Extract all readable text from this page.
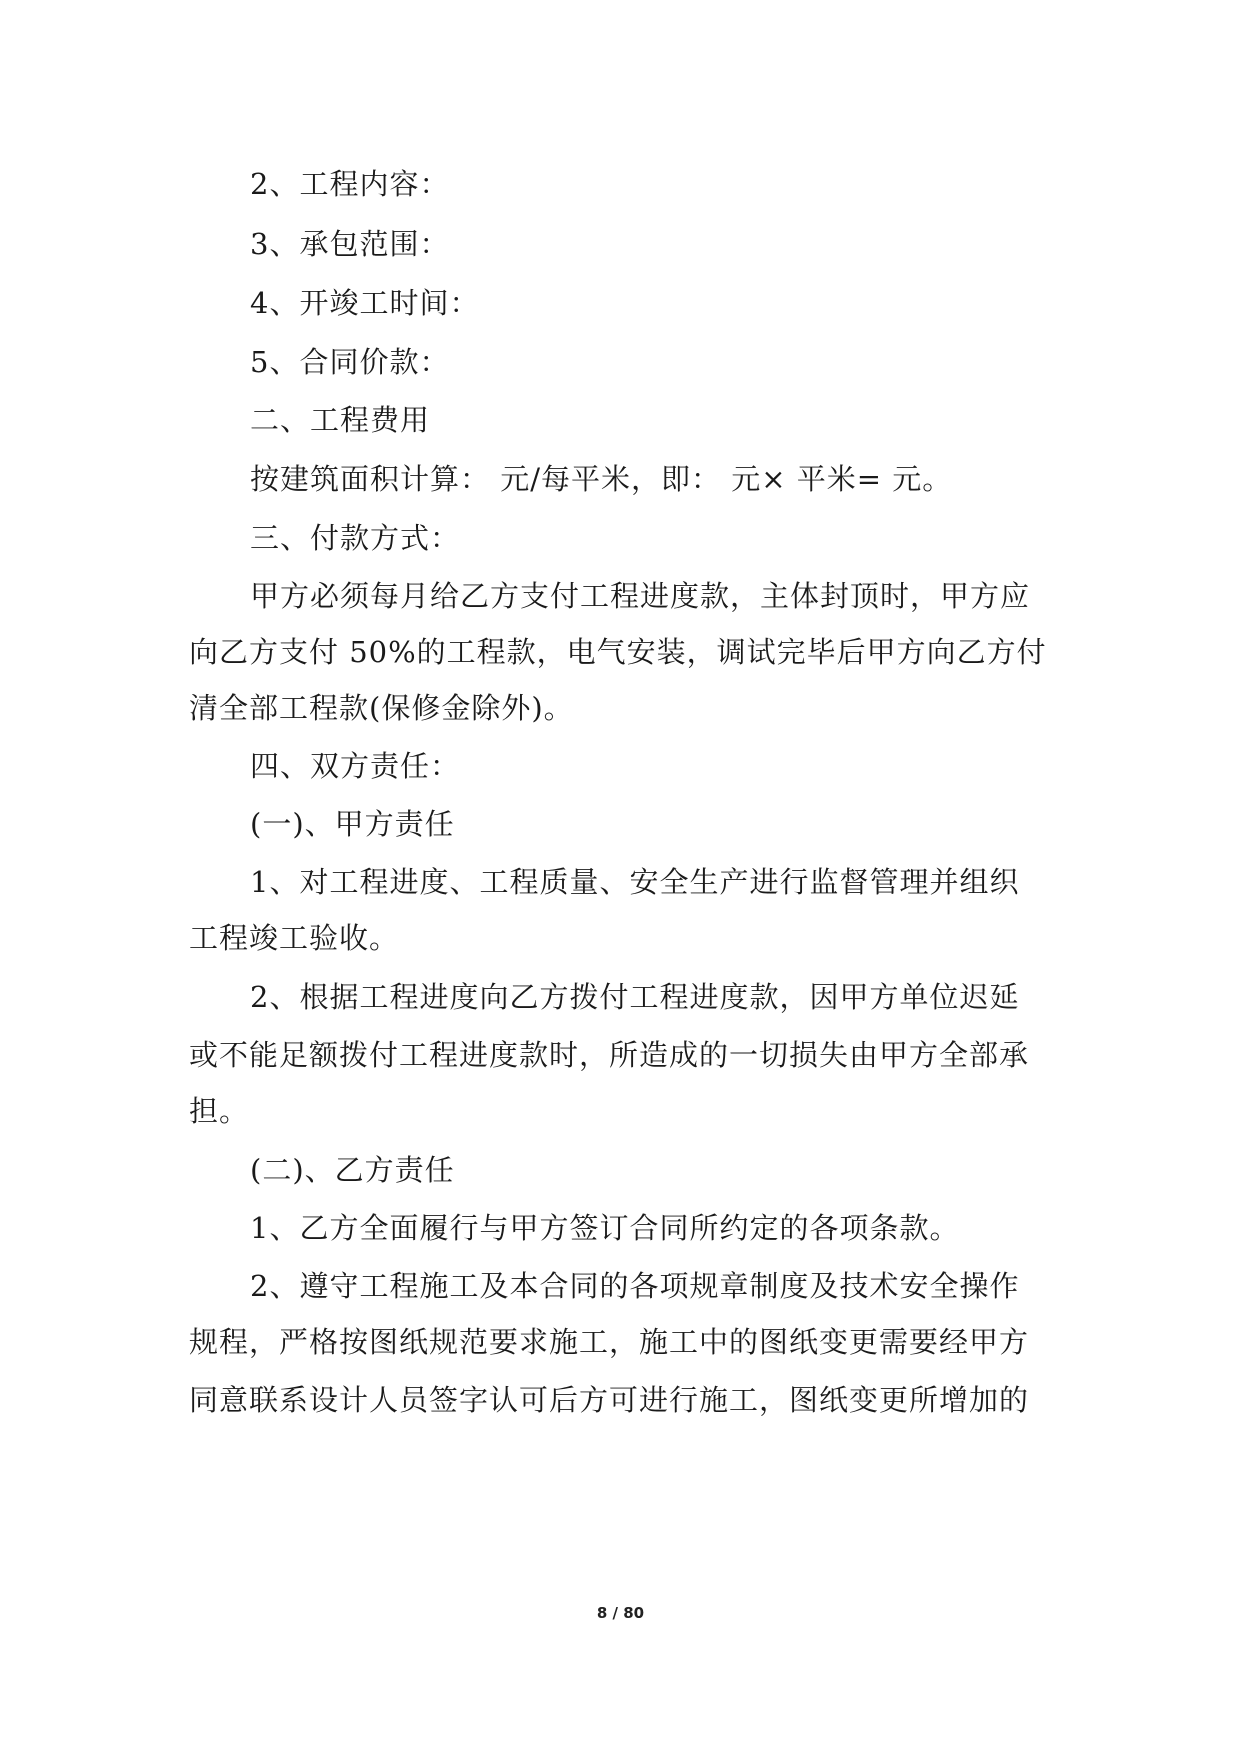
2、工程内容：
3、承包范围：
4、开竣工时间：
5、合同价款：
二、工程费用
按建筑面积计算： 元/每平米，即： 元× 平米= 元。
三、付款方式：
甲方必须每月给乙方支付工程进度款，主体封顶时，甲方应
向乙方支付 50%的工程款，电气安装，调试完毕后甲方向乙方付
清全部工程款(保修金除外)。
四、双方责任：
(一)、甲方责任
1、对工程进度、工程质量、安全生产进行监督管理并组织
工程竣工验收。
2、根据工程进度向乙方拨付工程进度款，因甲方单位迟延
或不能足额拨付工程进度款时，所造成的一切损失由甲方全部承
担。
(二)、乙方责任
1、乙方全面履行与甲方签订合同所约定的各项条款。
2、遵守工程施工及本合同的各项规章制度及技术安全操作
规程，严格按图纸规范要求施工，施工中的图纸变更需要经甲方
同意联系设计人员签字认可后方可进行施工，图纸变更所增加的
8 / 80
